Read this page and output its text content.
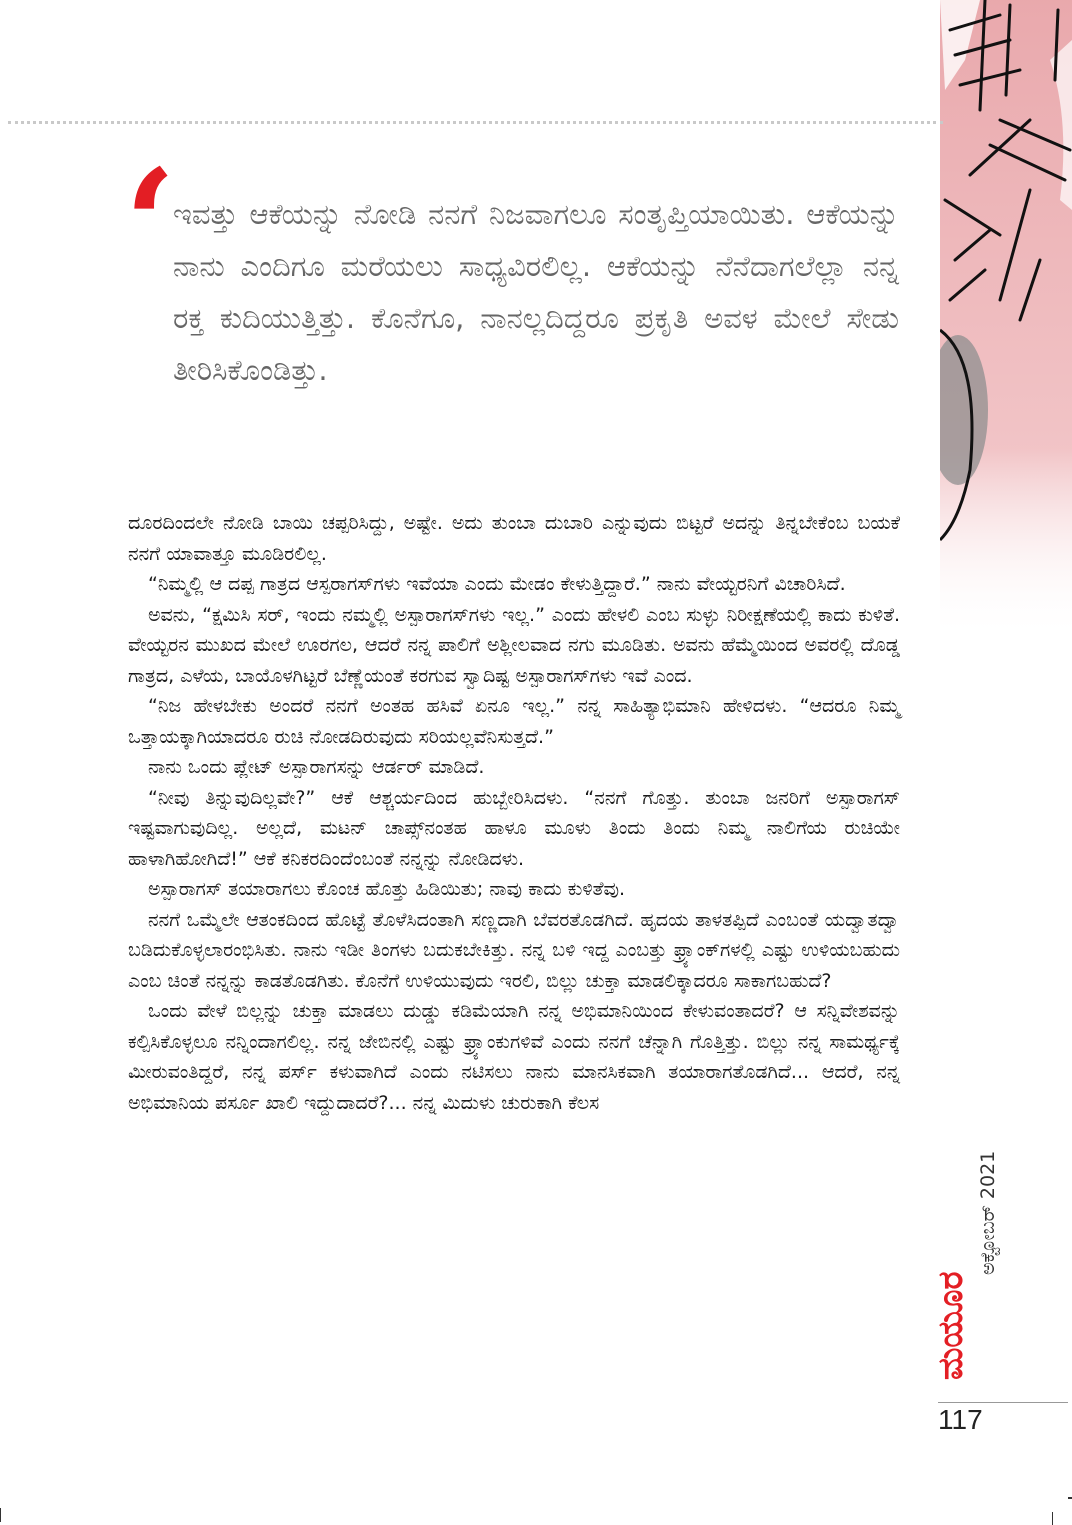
‘
ಇವತ್ತು ಆಕೆಯನ್ನು ನೋಡಿ ನನಗೆ ನಿಜವಾಗಲೂ ಸಂತೃಪ್ತಿಯಾಯಿತು. ಆಕೆಯನ್ನು ನಾನು ಎಂದಿಗೂ ಮರೆಯಲು ಸಾಧ್ಯವಿರಲಿಲ್ಲ. ಆಕೆಯನ್ನು ನೆನೆದಾಗಲೆಲ್ಲಾ ನನ್ನ ರಕ್ತ ಕುದಿಯುತ್ತಿತ್ತು. ಕೊನೆಗೂ, ನಾನಲ್ಲದಿದ್ದರೂ ಪ್ರಕೃತಿ ಅವಳ ಮೇಲೆ ಸೇಡು ತೀರಿಸಿಕೊಂಡಿತ್ತು.

ದೂರದಿಂದಲೇ ನೋಡಿ ಬಾಯಿ ಚಪ್ಪರಿಸಿದ್ದು, ಅಷ್ಟೇ. ಅದು ತುಂಬಾ ದುಬಾರಿ ಎನ್ನುವುದು ಬಿಟ್ಟರೆ ಅದನ್ನು ತಿನ್ನಬೇಕೆಂಬ ಬಯಕೆ ನನಗೆ ಯಾವಾತ್ತೂ ಮೂಡಿರಲಿಲ್ಲ.

“ನಿಮ್ಮಲ್ಲಿ ಆ ದಪ್ಪ ಗಾತ್ರದ ಆಸ್ಪರಾಗಸ್‌ಗಳು ಇವೆಯಾ ಎಂದು ಮೇಡಂ ಕೇಳುತ್ತಿದ್ದಾರೆ.” ನಾನು ವೇಯ್ಟರನಿಗೆ ವಿಚಾರಿಸಿದೆ.

ಅವನು, “ಕ್ಷಮಿಸಿ ಸರ್, ಇಂದು ನಮ್ಮಲ್ಲಿ ಅಸ್ಪಾರಾಗಸ್‌ಗಳು ಇಲ್ಲ.” ಎಂದು ಹೇಳಲಿ ಎಂಬ ಸುಳ್ಳು ನಿರೀಕ್ಷಣೆಯಲ್ಲಿ ಕಾದು ಕುಳಿತೆ. ವೇಯ್ಟರನ ಮುಖದ ಮೇಲೆ ಊರಗಲ, ಆದರೆ ನನ್ನ ಪಾಲಿಗೆ ಅಶ್ಲೀಲವಾದ ನಗು ಮೂಡಿತು. ಅವನು ಹೆಮ್ಮೆಯಿಂದ ಅವರಲ್ಲಿ ದೊಡ್ಡ ಗಾತ್ರದ, ಎಳೆಯ, ಬಾಯೊಳಗಿಟ್ಟರೆ ಬೆಣ್ಣೆಯಂತೆ ಕರಗುವ ಸ್ವಾದಿಷ್ಟ ಅಸ್ಪಾರಾಗಸ್‌ಗಳು ಇವೆ ಎಂದ.

“ನಿಜ ಹೇಳಬೇಕು ಅಂದರೆ ನನಗೆ ಅಂತಹ ಹಸಿವೆ ಏನೂ ಇಲ್ಲ.” ನನ್ನ ಸಾಹಿತ್ಯಾಭಿಮಾನಿ ಹೇಳಿದಳು. “ಆದರೂ ನಿಮ್ಮ ಒತ್ತಾಯಕ್ಕಾಗಿಯಾದರೂ ರುಚಿ ನೋಡದಿರುವುದು ಸರಿಯಲ್ಲವೆನಿಸುತ್ತದೆ.”

ನಾನು ಒಂದು ಪ್ಲೇಟ್ ಅಸ್ಪಾರಾಗಸನ್ನು ಆರ್ಡರ್ ಮಾಡಿದೆ.

“ನೀವು ತಿನ್ನುವುದಿಲ್ಲವೇ?” ಆಕೆ ಆಶ್ಚರ್ಯದಿಂದ ಹುಬ್ಬೇರಿಸಿದಳು. “ನನಗೆ ಗೊತ್ತು. ತುಂಬಾ ಜನರಿಗೆ ಅಸ್ಪಾರಾಗಸ್ ಇಷ್ಟವಾಗುವುದಿಲ್ಲ. ಅಲ್ಲದೆ, ಮಟನ್ ಚಾಪ್ಸ್‌ನಂತಹ ಹಾಳೂ ಮೂಳು ತಿಂದು ತಿಂದು ನಿಮ್ಮ ನಾಲಿಗೆಯ ರುಚಿಯೇ ಹಾಳಾಗಿಹೋಗಿದೆ!” ಆಕೆ ಕನಿಕರದಿಂದೆಂಬಂತೆ ನನ್ನನ್ನು ನೋಡಿದಳು.

ಅಸ್ಪಾರಾಗಸ್ ತಯಾರಾಗಲು ಕೊಂಚ ಹೊತ್ತು ಹಿಡಿಯಿತು; ನಾವು ಕಾದು ಕುಳಿತೆವು.

ನನಗೆ ಒಮ್ಮೆಲೇ ಆತಂಕದಿಂದ ಹೊಟ್ಟೆ ತೊಳೆಸಿದಂತಾಗಿ ಸಣ್ಣದಾಗಿ ಬೆವರತೊಡಗಿದೆ. ಹೃದಯ ತಾಳತಪ್ಪಿದೆ ಎಂಬಂತೆ ಯದ್ವಾತದ್ವಾ ಬಡಿದುಕೊಳ್ಳಲಾರಂಭಿಸಿತು. ನಾನು ಇಡೀ ತಿಂಗಳು ಬದುಕಬೇಕಿತ್ತು. ನನ್ನ ಬಳಿ ಇದ್ದ ಎಂಬತ್ತು ಫ್ರ್ಯಾಂಕ್‌ಗಳಲ್ಲಿ ಎಷ್ಟು ಉಳಿಯಬಹುದು ಎಂಬ ಚಿಂತೆ ನನ್ನನ್ನು ಕಾಡತೊಡಗಿತು. ಕೊನೆಗೆ ಉಳಿಯುವುದು ಇರಲಿ, ಬಿಲ್ಲು ಚುಕ್ತಾ ಮಾಡಲಿಕ್ಕಾದರೂ ಸಾಕಾಗಬಹುದೆ?

ಒಂದು ವೇಳೆ ಬಿಲ್ಲನ್ನು ಚುಕ್ತಾ ಮಾಡಲು ದುಡ್ಡು ಕಡಿಮೆಯಾಗಿ ನನ್ನ ಅಭಿಮಾನಿಯಿಂದ ಕೇಳುವಂತಾದರೆ? ಆ ಸನ್ನಿವೇಶವನ್ನು ಕಲ್ಪಿಸಿಕೊಳ್ಳಲೂ ನನ್ನಿಂದಾಗಲಿಲ್ಲ. ನನ್ನ ಜೇಬಿನಲ್ಲಿ ಎಷ್ಟು ಫ್ರ್ಯಾಂಕುಗಳಿವೆ ಎಂದು ನನಗೆ ಚೆನ್ನಾಗಿ ಗೊತ್ತಿತ್ತು. ಬಿಲ್ಲು ನನ್ನ ಸಾಮರ್ಥ್ಯಕ್ಕೆ ಮೀರುವಂತಿದ್ದರೆ, ನನ್ನ ಪರ್ಸ್ ಕಳುವಾಗಿದೆ ಎಂದು ನಟಿಸಲು ನಾನು ಮಾನಸಿಕವಾಗಿ ತಯಾರಾಗತೊಡಗಿದೆ... ಆದರೆ, ನನ್ನ ಅಭಿಮಾನಿಯ ಪರ್ಸೂ ಖಾಲಿ ಇದ್ದುದಾದರೆ?... ನನ್ನ ಮಿದುಳು ಚುರುಕಾಗಿ ಕೆಲಸ

ಮಯೂರ
ಅಕ್ಟೋಬರ್ 2021
117
